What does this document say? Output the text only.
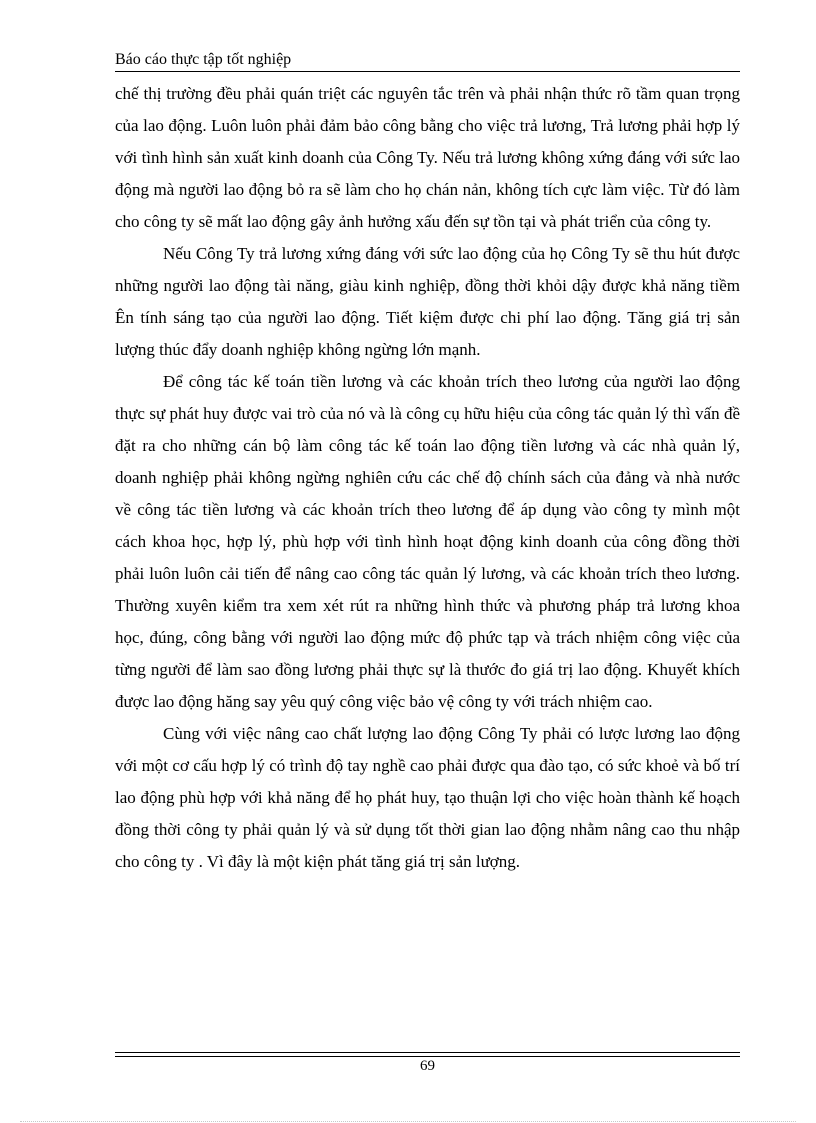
Báo cáo thực tập tốt nghiệp

chế thị trường đều phải quán triệt các nguyên tắc trên và phải nhận thức rõ tầm quan trọng của lao động. Luôn luôn phải đảm bảo công bằng cho việc trả lương, Trả lương phải hợp lý với tình hình sản xuất kinh doanh của Công Ty. Nếu trả lương không xứng đáng với sức lao động mà người lao động bỏ ra sẽ làm cho họ chán nản, không tích cực làm việc. Từ đó làm cho công ty sẽ mất lao động gây ảnh hưởng xấu đến sự tồn tại và phát triển của công ty.

Nếu Công Ty trả lương xứng đáng với sức lao động của họ Công Ty sẽ thu hút được những người lao động tài năng, giàu kinh nghiệp, đồng thời khỏi dậy được khả năng tiềm Ên tính sáng tạo của người lao động. Tiết kiệm được chi phí lao động. Tăng giá trị sản lượng thúc đẩy doanh nghiệp không ngừng lớn mạnh.

Để công tác kế toán tiền lương và các khoản trích theo lương của người lao động thực sự phát huy được vai trò của nó và là công cụ hữu hiệu của công tác quản lý thì vấn đề đặt ra cho những cán bộ làm công tác kế toán lao động tiền lương và các nhà quản lý, doanh nghiệp phải không ngừng nghiên cứu các chế độ chính sách của đảng và nhà nước về công tác tiền lương và các khoản trích theo lương để áp dụng vào công ty mình một cách khoa học, hợp lý, phù hợp với tình hình hoạt động kinh doanh của công đồng thời phải luôn luôn cải tiến để nâng cao công tác quản lý lương, và các khoản trích theo lương. Thường xuyên kiểm tra xem xét rút ra những hình thức và phương pháp trả lương khoa học, đúng, công bằng với người lao động mức độ phức tạp và trách nhiệm công việc của từng người để làm sao đồng lương phải thực sự là thước đo giá trị lao động. Khuyết khích được lao động hăng say yêu quý công việc bảo vệ công ty với trách nhiệm cao.

Cùng với việc nâng cao chất lượng lao động Công Ty phải có lược lương lao động với một cơ cấu hợp lý có trình độ tay nghề cao phải được qua đào tạo, có sức khoẻ và bố trí lao động phù hợp với khả năng để họ phát huy, tạo thuận lợi cho việc hoàn thành kế hoạch đồng thời công ty phải quản lý và sử dụng tốt thời gian lao động nhằm nâng cao thu nhập cho công ty . Vì đây là một kiện phát tăng giá trị sản lượng.

69
